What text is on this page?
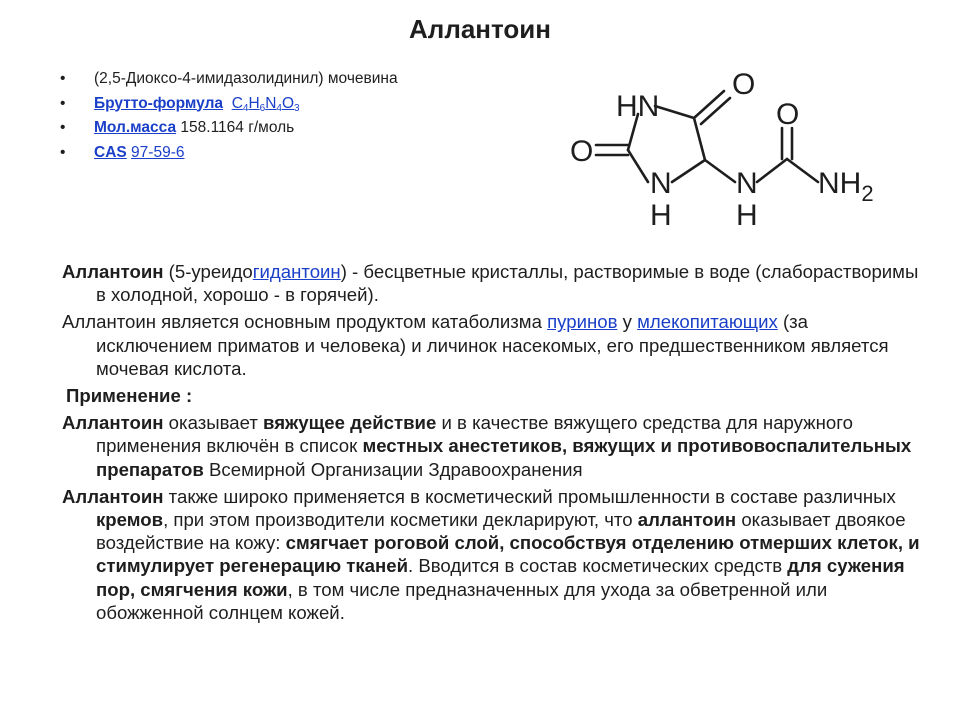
Аллантоин
• (2,5-Диоксо-4-имидазолидинил) мочевина
• Брутто-формула $C_4H_6N_4O_3$
• Мол.масса 158.1164 г/моль
• CAS 97-59-6
O
HN
O
N
H
N
H
O
$NH_2$

Аллантоин (5-уреидогидантоин) - бесцветные кристаллы, растворимые в воде (слаборастворимы в холодной, хорошо - в горячей).

Аллантоин является основным продуктом катаболизма пуринов у млекопитающих (за исключением приматов и человека) и личинок насекомых, его предшественником является мочевая кислота.

Применение :

Аллантоин оказывает вяжущее действие и в качестве вяжущего средства для наружного применения включён в список местных анестетиков, вяжущих и противовоспалительных препаратов Всемирной Организации Здравоохранения

Аллантоин также широко применяется в косметический промышленности в составе различных кремов, при этом производители косметики декларируют, что аллантоин оказывает двоякое воздействие на кожу: смягчает роговой слой, способствуя отделению отмерших клеток, и стимулирует регенерацию тканей. Вводится в состав косметических средств для сужения пор, смягчения кожи, в том числе предназначенных для ухода за обветренной или обожженной солнцем кожей.
